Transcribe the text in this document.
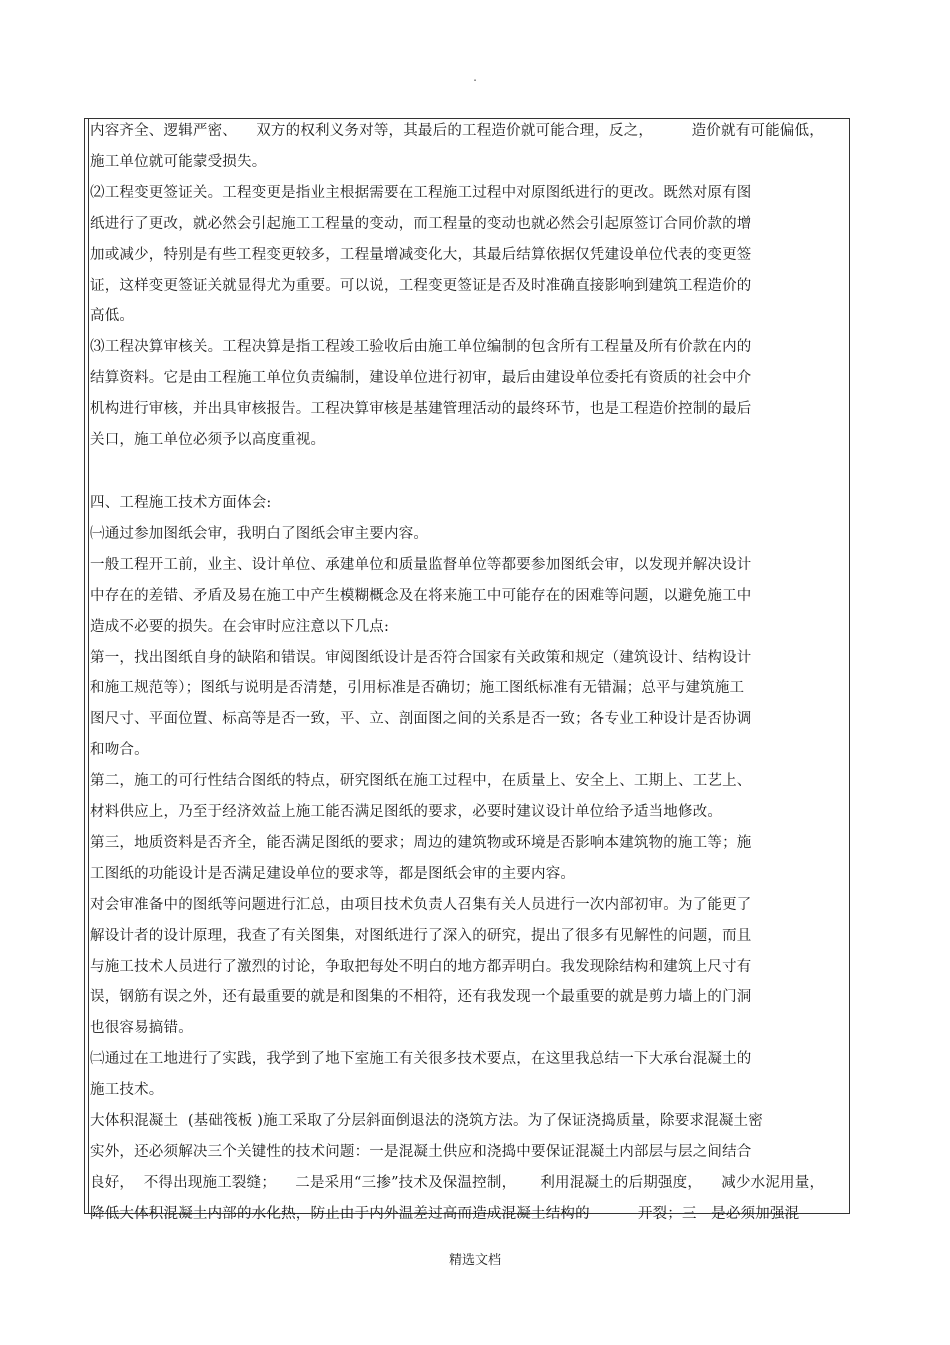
.
内容齐全、逻辑严密、    双方的权利义务对等，其最后的工程造价就可能合理，反之，        造价就有可能偏低，
施工单位就可能蒙受损失。
⑵工程变更签证关。工程变更是指业主根据需要在工程施工过程中对原图纸进行的更改。既然对原有图
纸进行了更改，就必然会引起施工工程量的变动，而工程量的变动也就必然会引起原签订合同价款的增
加或减少，特别是有些工程变更较多，工程量增减变化大，其最后结算依据仅凭建设单位代表的变更签
证，这样变更签证关就显得尤为重要。可以说，工程变更签证是否及时准确直接影响到建筑工程造价的
高低。
⑶工程决算审核关。工程决算是指工程竣工验收后由施工单位编制的包含所有工程量及所有价款在内的
结算资料。它是由工程施工单位负责编制，建设单位进行初审，最后由建设单位委托有资质的社会中介
机构进行审核，并出具审核报告。工程决算审核是基建管理活动的最终环节，也是工程造价控制的最后
关口，施工单位必须予以高度重视。
四、工程施工技术方面体会:
㈠通过参加图纸会审，我明白了图纸会审主要内容。
一般工程开工前，业主、设计单位、承建单位和质量监督单位等都要参加图纸会审，以发现并解决设计
中存在的差错、矛盾及易在施工中产生模糊概念及在将来施工中可能存在的困难等问题，以避免施工中
造成不必要的损失。在会审时应注意以下几点:
第一，找出图纸自身的缺陷和错误。审阅图纸设计是否符合国家有关政策和规定（建筑设计、结构设计
和施工规范等）；图纸与说明是否清楚，引用标准是否确切；施工图纸标准有无错漏；总平与建筑施工
图尺寸、平面位置、标高等是否一致，平、立、剖面图之间的关系是否一致；各专业工种设计是否协调
和吻合。
第二，施工的可行性结合图纸的特点，研究图纸在施工过程中，在质量上、安全上、工期上、工艺上、
材料供应上，乃至于经济效益上施工能否满足图纸的要求，必要时建议设计单位给予适当地修改。
第三，地质资料是否齐全，能否满足图纸的要求；周边的建筑物或环境是否影响本建筑物的施工等；施
工图纸的功能设计是否满足建设单位的要求等，都是图纸会审的主要内容。
对会审准备中的图纸等问题进行汇总，由项目技术负责人召集有关人员进行一次内部初审。为了能更了
解设计者的设计原理，我查了有关图集，对图纸进行了深入的研究，提出了很多有见解性的问题，而且
与施工技术人员进行了激烈的讨论，争取把每处不明白的地方都弄明白。我发现除结构和建筑上尺寸有
误，钢筋有误之外，还有最重要的就是和图集的不相符，还有我发现一个最重要的就是剪力墙上的门洞
也很容易搞错。
㈡通过在工地进行了实践，我学到了地下室施工有关很多技术要点，在这里我总结一下大承台混凝土的
施工技术。
大体积混凝土  (基础筏板 )施工采取了分层斜面倒退法的浇筑方法。为了保证浇捣质量，除要求混凝土密
实外，还必须解决三个关键性的技术问题：一是混凝土供应和浇捣中要保证混凝土内部层与层之间结合
良好，  不得出现施工裂缝；    二是采用“三掺”技术及保温控制，     利用混凝土的后期强度，    减少水泥用量，
降低大体积混凝土内部的水化热，防止由于内外温差过高而造成混凝土结构的          开裂；三   是必须加强混
精选文档
